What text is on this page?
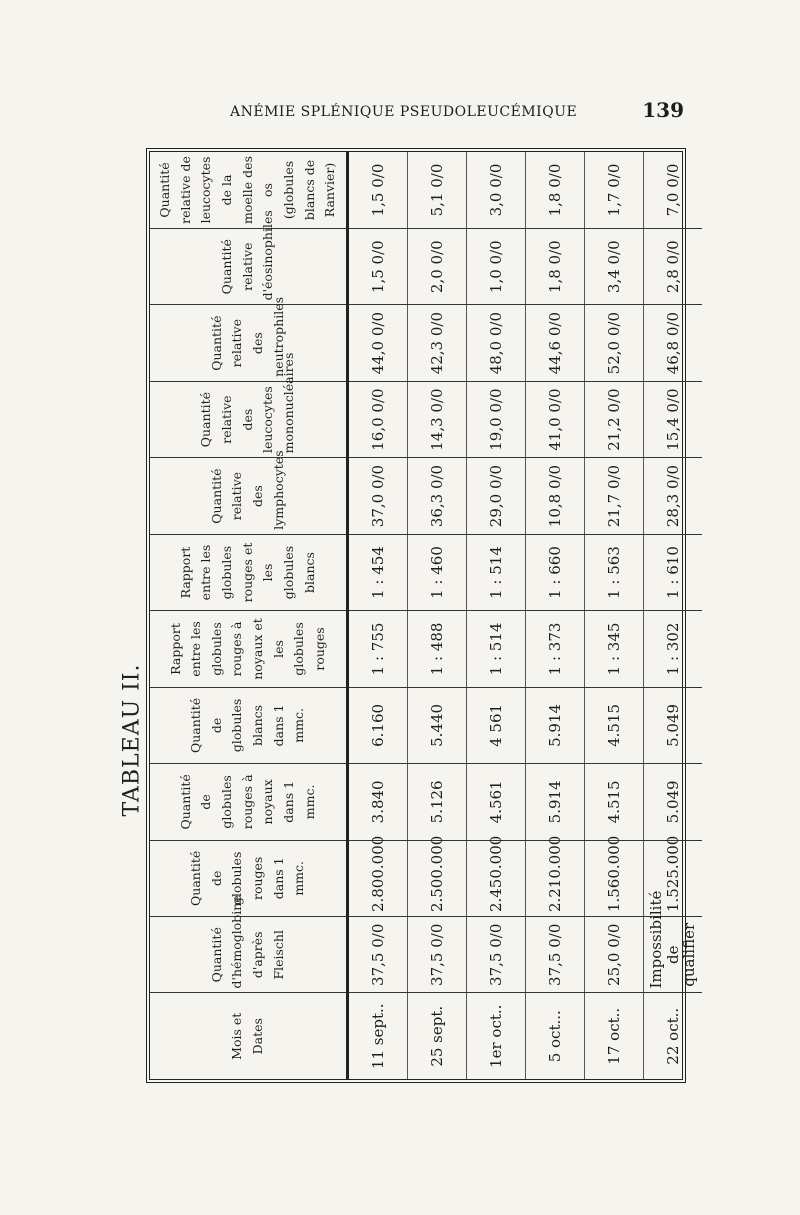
ANÉMIE SPLÉNIQUE PSEUDOLEUCÉMIQUE	139
TABLEAU II.
Mois et Dates	Quantité d'hémoglobine d'après Fleischl	Quantité de globules rouges dans 1 mmc.	Quantité de globules rouges à noyaux dans 1 mmc.	Quantité de globules blancs dans 1 mmc.	Rapport entre les globules rouges à noyaux et les globules rouges	Rapport entre les globules rouges et les globules blancs	Quantité relative des lymphocytes	Quantité relative des leucocytes mononucléaires	Quantité relative des neutrophiles	Quantité relative d'éosinophiles	Quantité relative de leucocytes de la moelle des os (globules blancs de Ranvier)
11 sept..	37,5 0/0	2.800.000	3.840	6.160	1 : 755	1 : 454	37,0 0/0	16,0 0/0	44,0 0/0	1,5 0/0	1,5 0/0
25 sept.	37,5 0/0	2.500.000	5.126	5.440	1 : 488	1 : 460	36,3 0/0	14,3 0/0	42,3 0/0	2,0 0/0	5,1 0/0
1er oct..	37,5 0/0	2.450.000	4.561	4 561	1 : 514	1 : 514	29,0 0/0	19,0 0/0	48,0 0/0	1,0 0/0	3,0 0/0
5 oct...	37,5 0/0	2.210.000	5.914	5.914	1 : 373	1 : 660	10,8 0/0	41,0 0/0	44,6 0/0	1,8 0/0	1,8 0/0
17 oct..	25,0 0/0	1.560.000	4.515	4.515	1 : 345	1 : 563	21,7 0/0	21,2 0/0	52,0 0/0	3,4 0/0	1,7 0/0
22 oct..	Impossibilité de qualifier	1.525.000	5.049	5.049	1 : 302	1 : 610	28,3 0/0	15,4 0/0	46,8 0/0	2,8 0/0	7,0 0/0
